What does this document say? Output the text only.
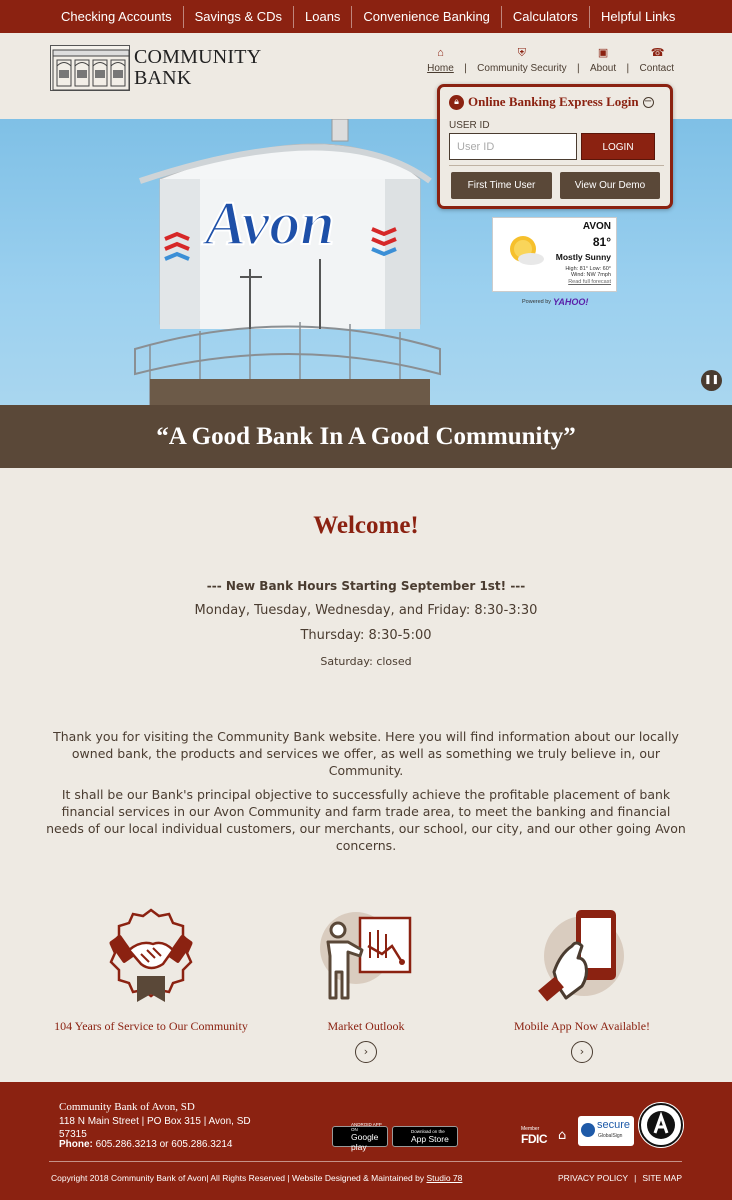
Checking Accounts	Savings & CDs	Loans	Convenience Banking	Calculators	Helpful Links
COMMUNITY
BANK
⌂
Home |
⛨
Community Security |
▣
About |
☎
Contact
Avon
❚❚
🔒︎ Online Banking Express Login −
USER ID
User ID
LOGIN
First Time User	View Our Demo
AVON
81°
Mostly Sunny
High: 81° Low: 60°
Wind: NW 7mph
Read full forecast
Powered by YAHOO!
“A Good Bank In A Good Community”
Welcome!
--- New Bank Hours Starting September 1st! ---
Monday, Tuesday, Wednesday, and Friday: 8:30-3:30
Thursday: 8:30-5:00
Saturday: closed
Thank you for visiting the Community Bank website. Here you will find information about our locally owned bank, the products and services we offer, as well as something we truly believe in, our Community.
It shall be our Bank's principal objective to successfully achieve the profitable placement of bank financial services in our Avon Community and farm trade area, to meet the banking and financial needs of our local individual customers, our merchants, our school, our city, and our other going Avon concerns.
104 Years of Service to Our Community	Market Outlook
›
Mobile App Now Available!
›
Community Bank of Avon, SD
118 N Main Street | PO Box 315 | Avon, SD 57315
Phone: 605.286.3213 or 605.286.3214
ANDROID APP ON
Google play
Download on the
App Store
Member
FDIC ⌂
secure
GlobalSign
Copyright 2018 Community Bank of Avon| All Rights Reserved | Website Designed & Maintained by Studio 78	PRIVACY POLICY | SITE MAP
